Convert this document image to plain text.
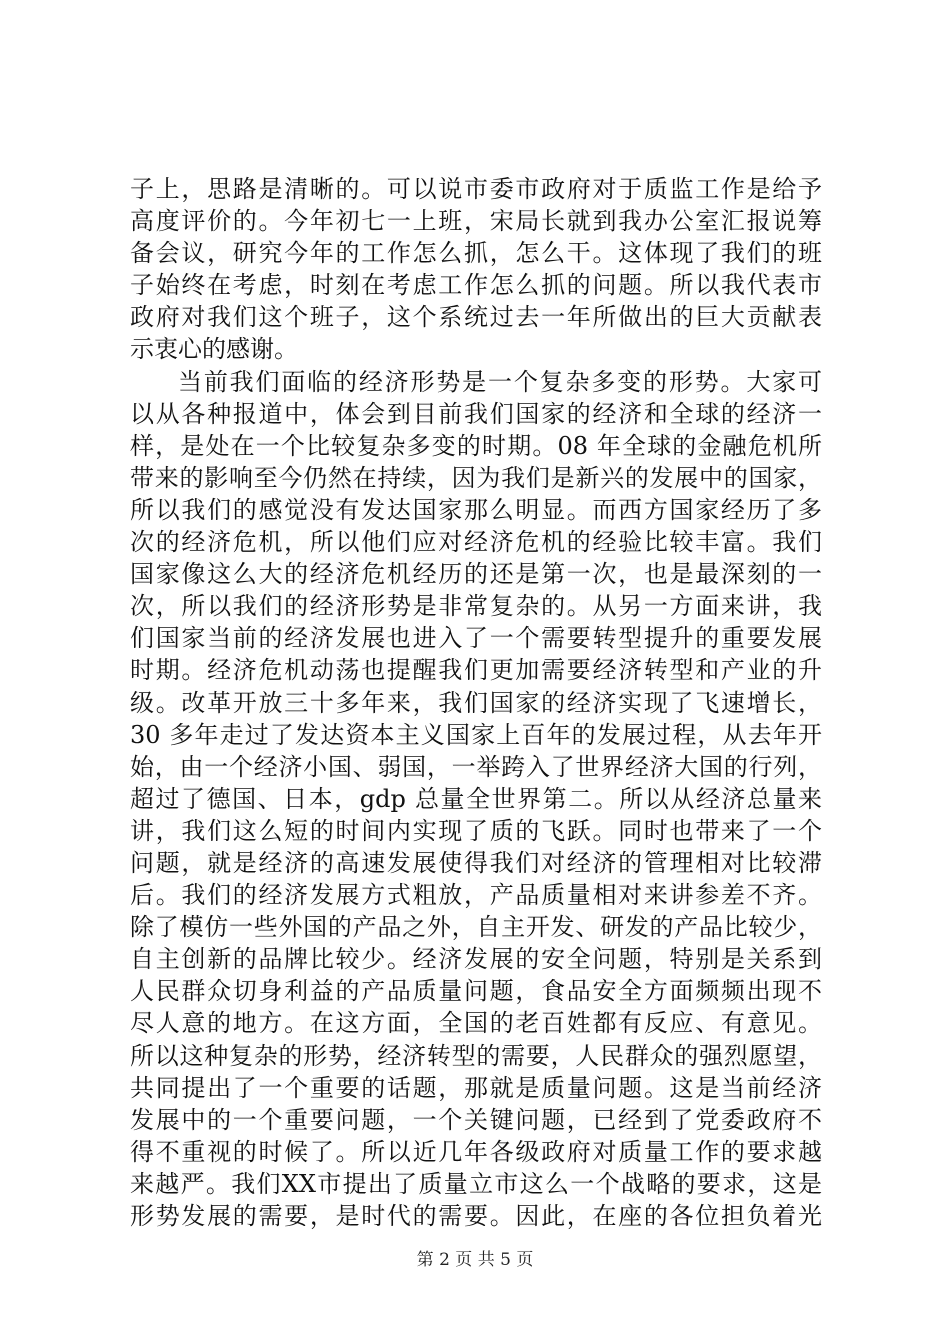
子上，思路是清晰的。可以说市委市政府对于质监工作是给予
高度评价的。今年初七一上班，宋局长就到我办公室汇报说筹
备会议，研究今年的工作怎么抓，怎么干。这体现了我们的班
子始终在考虑，时刻在考虑工作怎么抓的问题。所以我代表市
政府对我们这个班子，这个系统过去一年所做出的巨大贡献表
示衷心的感谢。
当前我们面临的经济形势是一个复杂多变的形势。大家可
以从各种报道中，体会到目前我们国家的经济和全球的经济一
样，是处在一个比较复杂多变的时期。08 年全球的金融危机所
带来的影响至今仍然在持续，因为我们是新兴的发展中的国家，
所以我们的感觉没有发达国家那么明显。而西方国家经历了多
次的经济危机，所以他们应对经济危机的经验比较丰富。我们
国家像这么大的经济危机经历的还是第一次，也是最深刻的一
次，所以我们的经济形势是非常复杂的。从另一方面来讲，我
们国家当前的经济发展也进入了一个需要转型提升的重要发展
时期。经济危机动荡也提醒我们更加需要经济转型和产业的升
级。改革开放三十多年来，我们国家的经济实现了飞速增长，
30 多年走过了发达资本主义国家上百年的发展过程，从去年开
始，由一个经济小国、弱国，一举跨入了世界经济大国的行列，
超过了德国、日本，gdp 总量全世界第二。所以从经济总量来
讲，我们这么短的时间内实现了质的飞跃。同时也带来了一个
问题，就是经济的高速发展使得我们对经济的管理相对比较滞
后。我们的经济发展方式粗放，产品质量相对来讲参差不齐。
除了模仿一些外国的产品之外，自主开发、研发的产品比较少，
自主创新的品牌比较少。经济发展的安全问题，特别是关系到
人民群众切身利益的产品质量问题，食品安全方面频频出现不
尽人意的地方。在这方面，全国的老百姓都有反应、有意见。
所以这种复杂的形势，经济转型的需要，人民群众的强烈愿望，
共同提出了一个重要的话题，那就是质量问题。这是当前经济
发展中的一个重要问题，一个关键问题，已经到了党委政府不
得不重视的时候了。所以近几年各级政府对质量工作的要求越
来越严。我们XX市提出了质量立市这么一个战略的要求，这是
形势发展的需要，是时代的需要。因此，在座的各位担负着光
第 2 页 共 5 页
